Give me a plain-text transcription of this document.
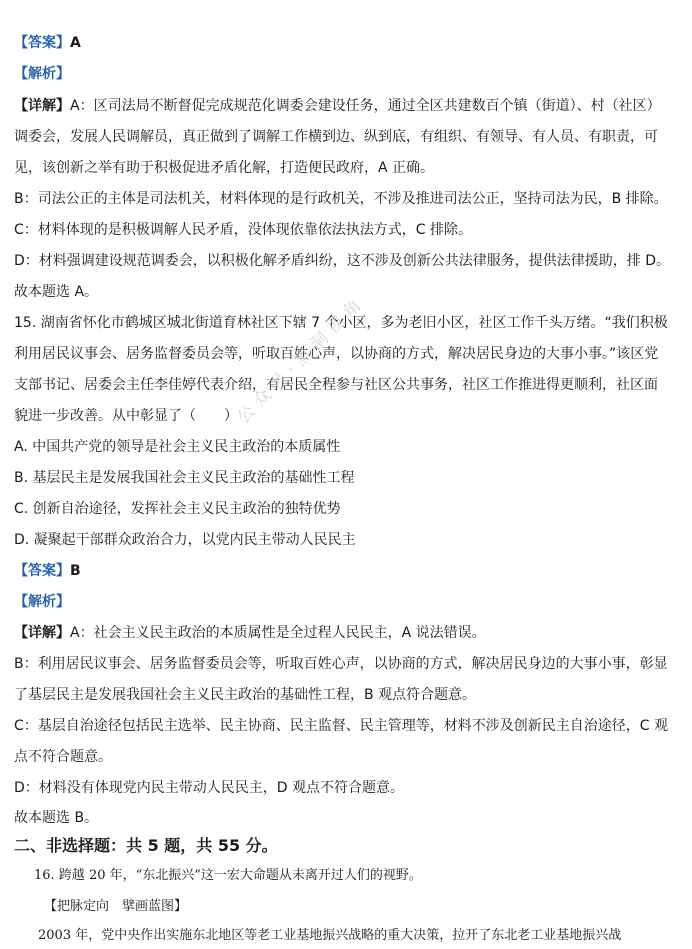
【答案】A
【解析】
【详解】A：区司法局不断督促完成规范化调委会建设任务，通过全区共建数百个镇（街道）、村（社区）
调委会，发展人民调解员，真正做到了调解工作横到边、纵到底，有组织、有领导、有人员、有职责，可
见，该创新之举有助于积极促进矛盾化解，打造便民政府，A 正确。
B：司法公正的主体是司法机关，材料体现的是行政机关，不涉及推进司法公正，坚持司法为民，B 排除。
C：材料体现的是积极调解人民矛盾，没体现依靠依法执法方式，C 排除。
D：材料强调建设规范调委会，以积极化解矛盾纠纷，这不涉及创新公共法律服务，提供法律援助，排 D。
故本题选 A。
15. 湖南省怀化市鹤城区城北街道育林社区下辖 7 个小区，多为老旧小区，社区工作千头万绪。“我们积极
利用居民议事会、居务监督委员会等，听取百姓心声，以协商的方式，解决居民身边的大事小事。”该区党
支部书记、居委会主任李佳婷代表介绍，有居民全程参与社区公共事务，社区工作推进得更顺利，社区面
貌进一步改善。从中彰显了（　　）
A. 中国共产党的领导是社会主义民主政治的本质属性
B. 基层民主是发展我国社会主义民主政治的基础性工程
C. 创新自治途径，发挥社会主义民主政治的独特优势
D. 凝聚起干部群众政治合力，以党内民主带动人民民主
【答案】B
【解析】
【详解】A：社会主义民主政治的本质属性是全过程人民民主，A 说法错误。
B：利用居民议事会、居务监督委员会等，听取百姓心声，以协商的方式，解决居民身边的大事小事，彰显
了基层民主是发展我国社会主义民主政治的基础性工程，B 观点符合题意。
C：基层自治途径包括民主选举、民主协商、民主监督、民主管理等，材料不涉及创新民主自治途径，C 观
点不符合题意。
D：材料没有体现党内民主带动人民民主，D 观点不符合题意。
故本题选 B。
二、非选择题：共 5 题，共 55 分。
16. 跨越 20 年，“东北振兴”这一宏大命题从未离开过人们的视野。
【把脉定向　擘画蓝图】
2003 年，党中央作出实施东北地区等老工业基地振兴战略的重大决策，拉开了东北老工业基地振兴战
公众号·黑洞视角
